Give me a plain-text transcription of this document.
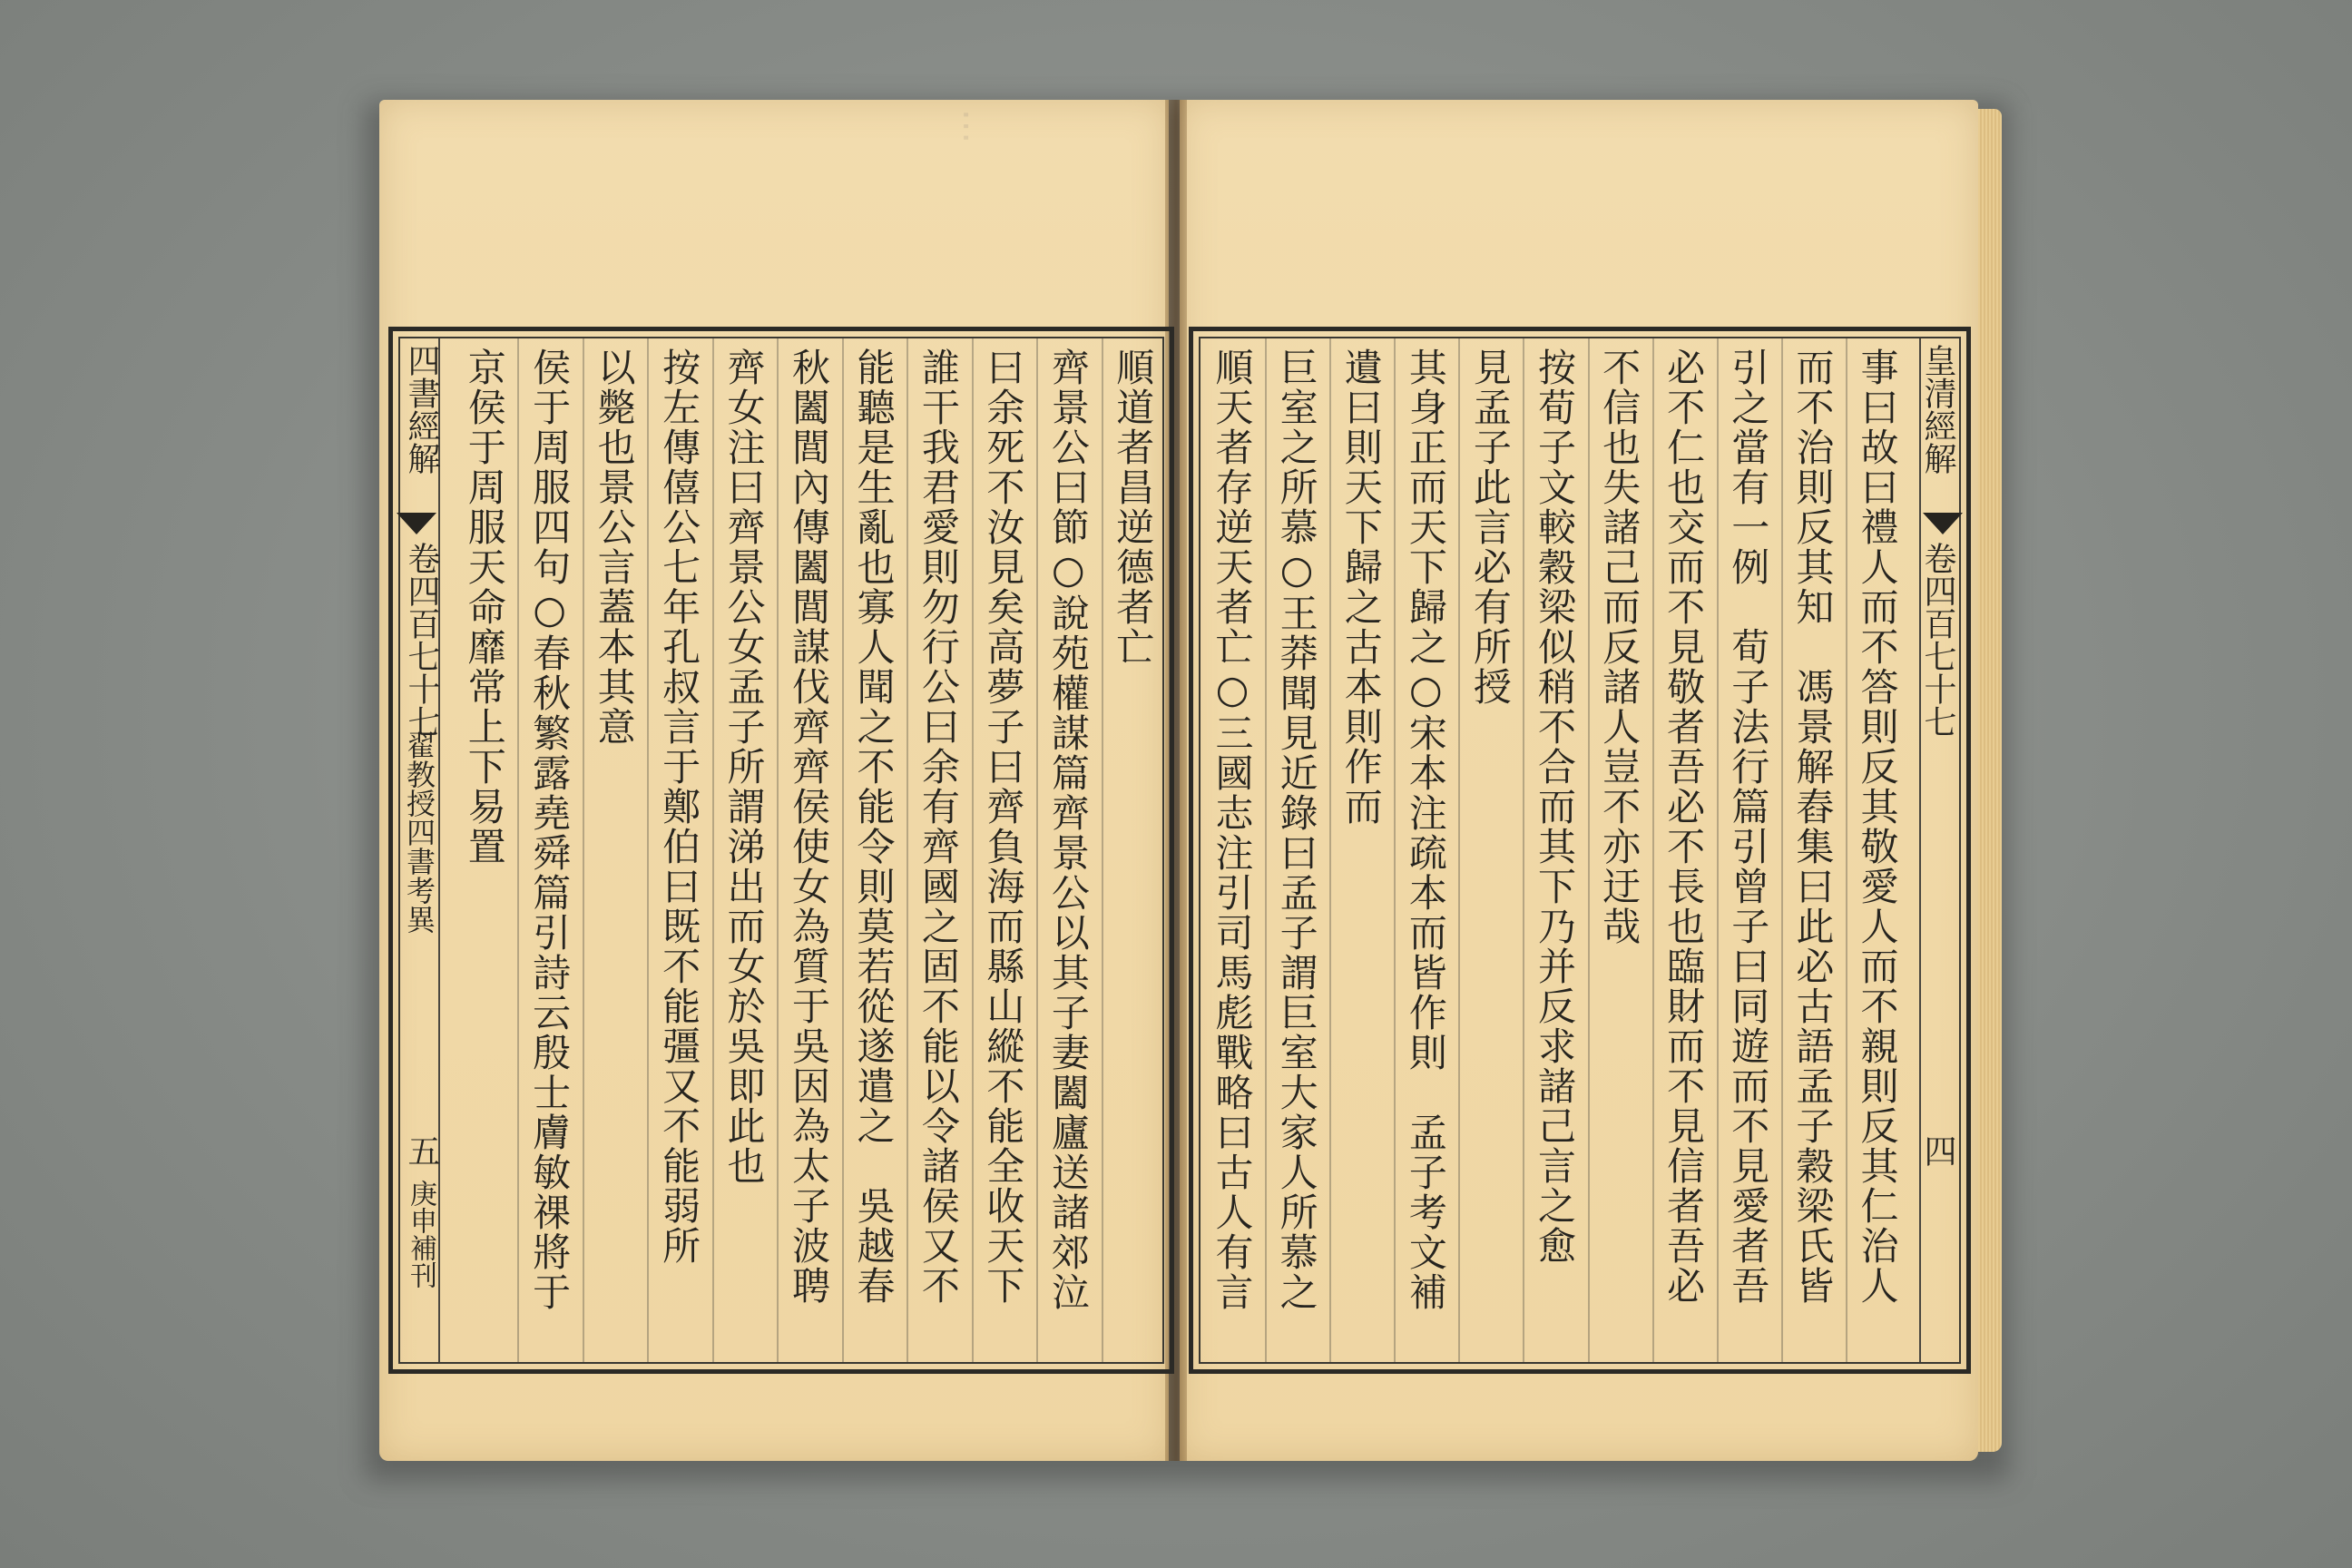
‧‧‧
順道者昌逆德者亡
齊景公曰節○說苑權謀篇齊景公以其子妻闔廬送諸郊泣
曰余死不汝見矣高夢子曰齊負海而縣山縱不能全收天下
誰干我君愛則勿行公曰余有齊國之固不能以令諸侯又不
能聽是生亂也寡人聞之不能令則莫若從遂遣之　吳越春
秋闔閭內傳闔閭謀伐齊齊侯使女為質于吳因為太子波聘
齊女注曰齊景公女孟子所謂涕出而女於吳即此也
按左傳僖公七年孔叔言于鄭伯曰既不能彊又不能弱所
以斃也景公言蓋本其意
侯于周服四句○春秋繁露堯舜篇引詩云殷士膚敏祼將于
京侯于周服天命靡常上下易置
四書經解
卷四百七十七
翟教授四書考異
五
庚申補刊	事曰故曰禮人而不答則反其敬愛人而不親則反其仁治人
而不治則反其知　馮景解舂集曰此必古語孟子穀梁氏皆
引之當有一例　荀子法行篇引曾子曰同遊而不見愛者吾
必不仁也交而不見敬者吾必不長也臨財而不見信者吾必
不信也失諸己而反諸人豈不亦迂哉
按荀子文較穀梁似稍不合而其下乃并反求諸己言之愈
見孟子此言必有所授
其身正而天下歸之○宋本注疏本而皆作則　孟子考文補
遺曰則天下歸之古本則作而
巨室之所慕○王莽聞見近錄曰孟子謂巨室大家人所慕之
順天者存逆天者亡○三國志注引司馬彪戰略曰古人有言	皇清經解
卷四百七十七
四
